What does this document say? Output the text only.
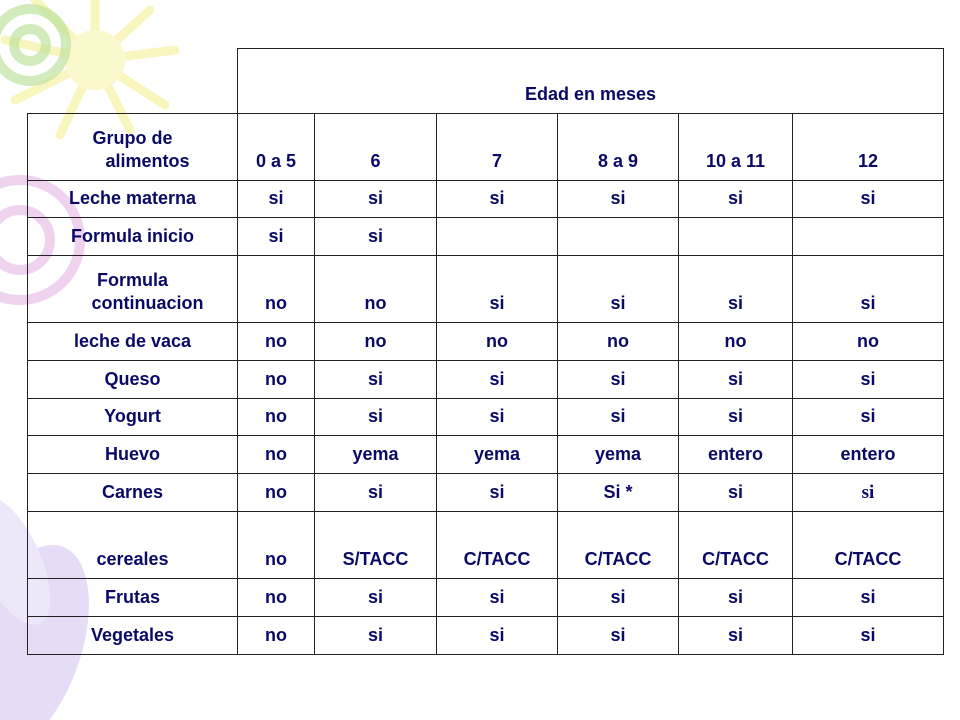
	Edad en meses					

Grupo de
alimentos	0 a 5	6	7	8 a 9	10 a 11	12

Leche materna	si	si	si	si	si	si

Formula inicio	si	si				

Formula
continuacion	no	no	si	si	si	si

leche de vaca	no	no	no	no	no	no

Queso	no	si	si	si	si	si

Yogurt	no	si	si	si	si	si

Huevo	no	yema	yema	yema	entero	entero

Carnes	no	si	si	Si *	si	si

cereales	no	S/TACC	C/TACC	C/TACC	C/TACC	C/TACC

Frutas	no	si	si	si	si	si

Vegetales	no	si	si	si	si	si
